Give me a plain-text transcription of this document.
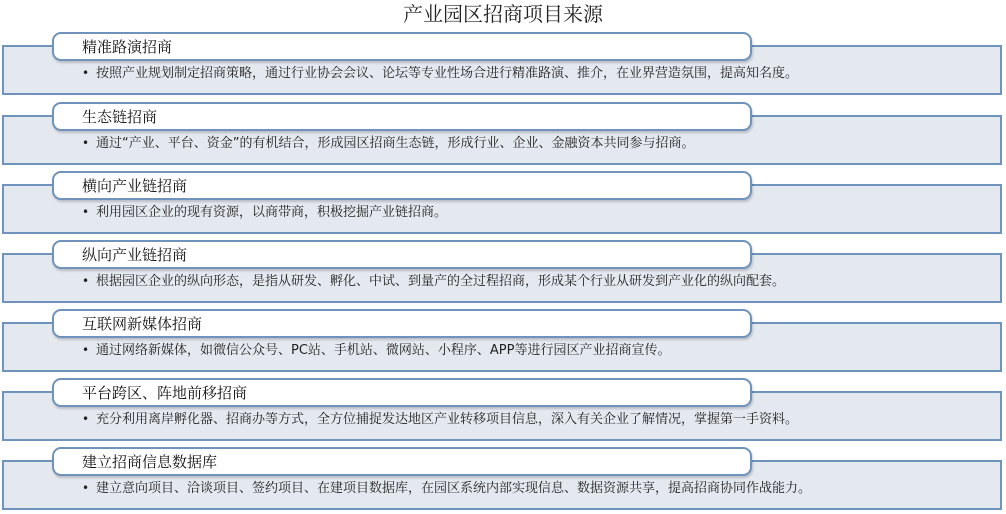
产业园区招商项目来源
• 按照产业规划制定招商策略，通过行业协会会议、论坛等专业性场合进行精准路演、推介，在业界营造氛围，提高知名度。
精准路演招商
• 通过“产业、平台、资金”的有机结合，形成园区招商生态链，形成行业、企业、金融资本共同参与招商。
生态链招商
• 利用园区企业的现有资源，以商带商，积极挖掘产业链招商。
横向产业链招商
• 根据园区企业的纵向形态，是指从研发、孵化、中试、到量产的全过程招商，形成某个行业从研发到产业化的纵向配套。
纵向产业链招商
• 通过网络新媒体，如微信公众号、PC站、手机站、微网站、小程序、APP等进行园区产业招商宣传。
互联网新媒体招商
• 充分利用离岸孵化器、招商办等方式，全方位捕捉发达地区产业转移项目信息，深入有关企业了解情况，掌握第一手资料。
平台跨区、阵地前移招商
• 建立意向项目、洽谈项目、签约项目、在建项目数据库，在园区系统内部实现信息、数据资源共享，提高招商协同作战能力。
建立招商信息数据库
